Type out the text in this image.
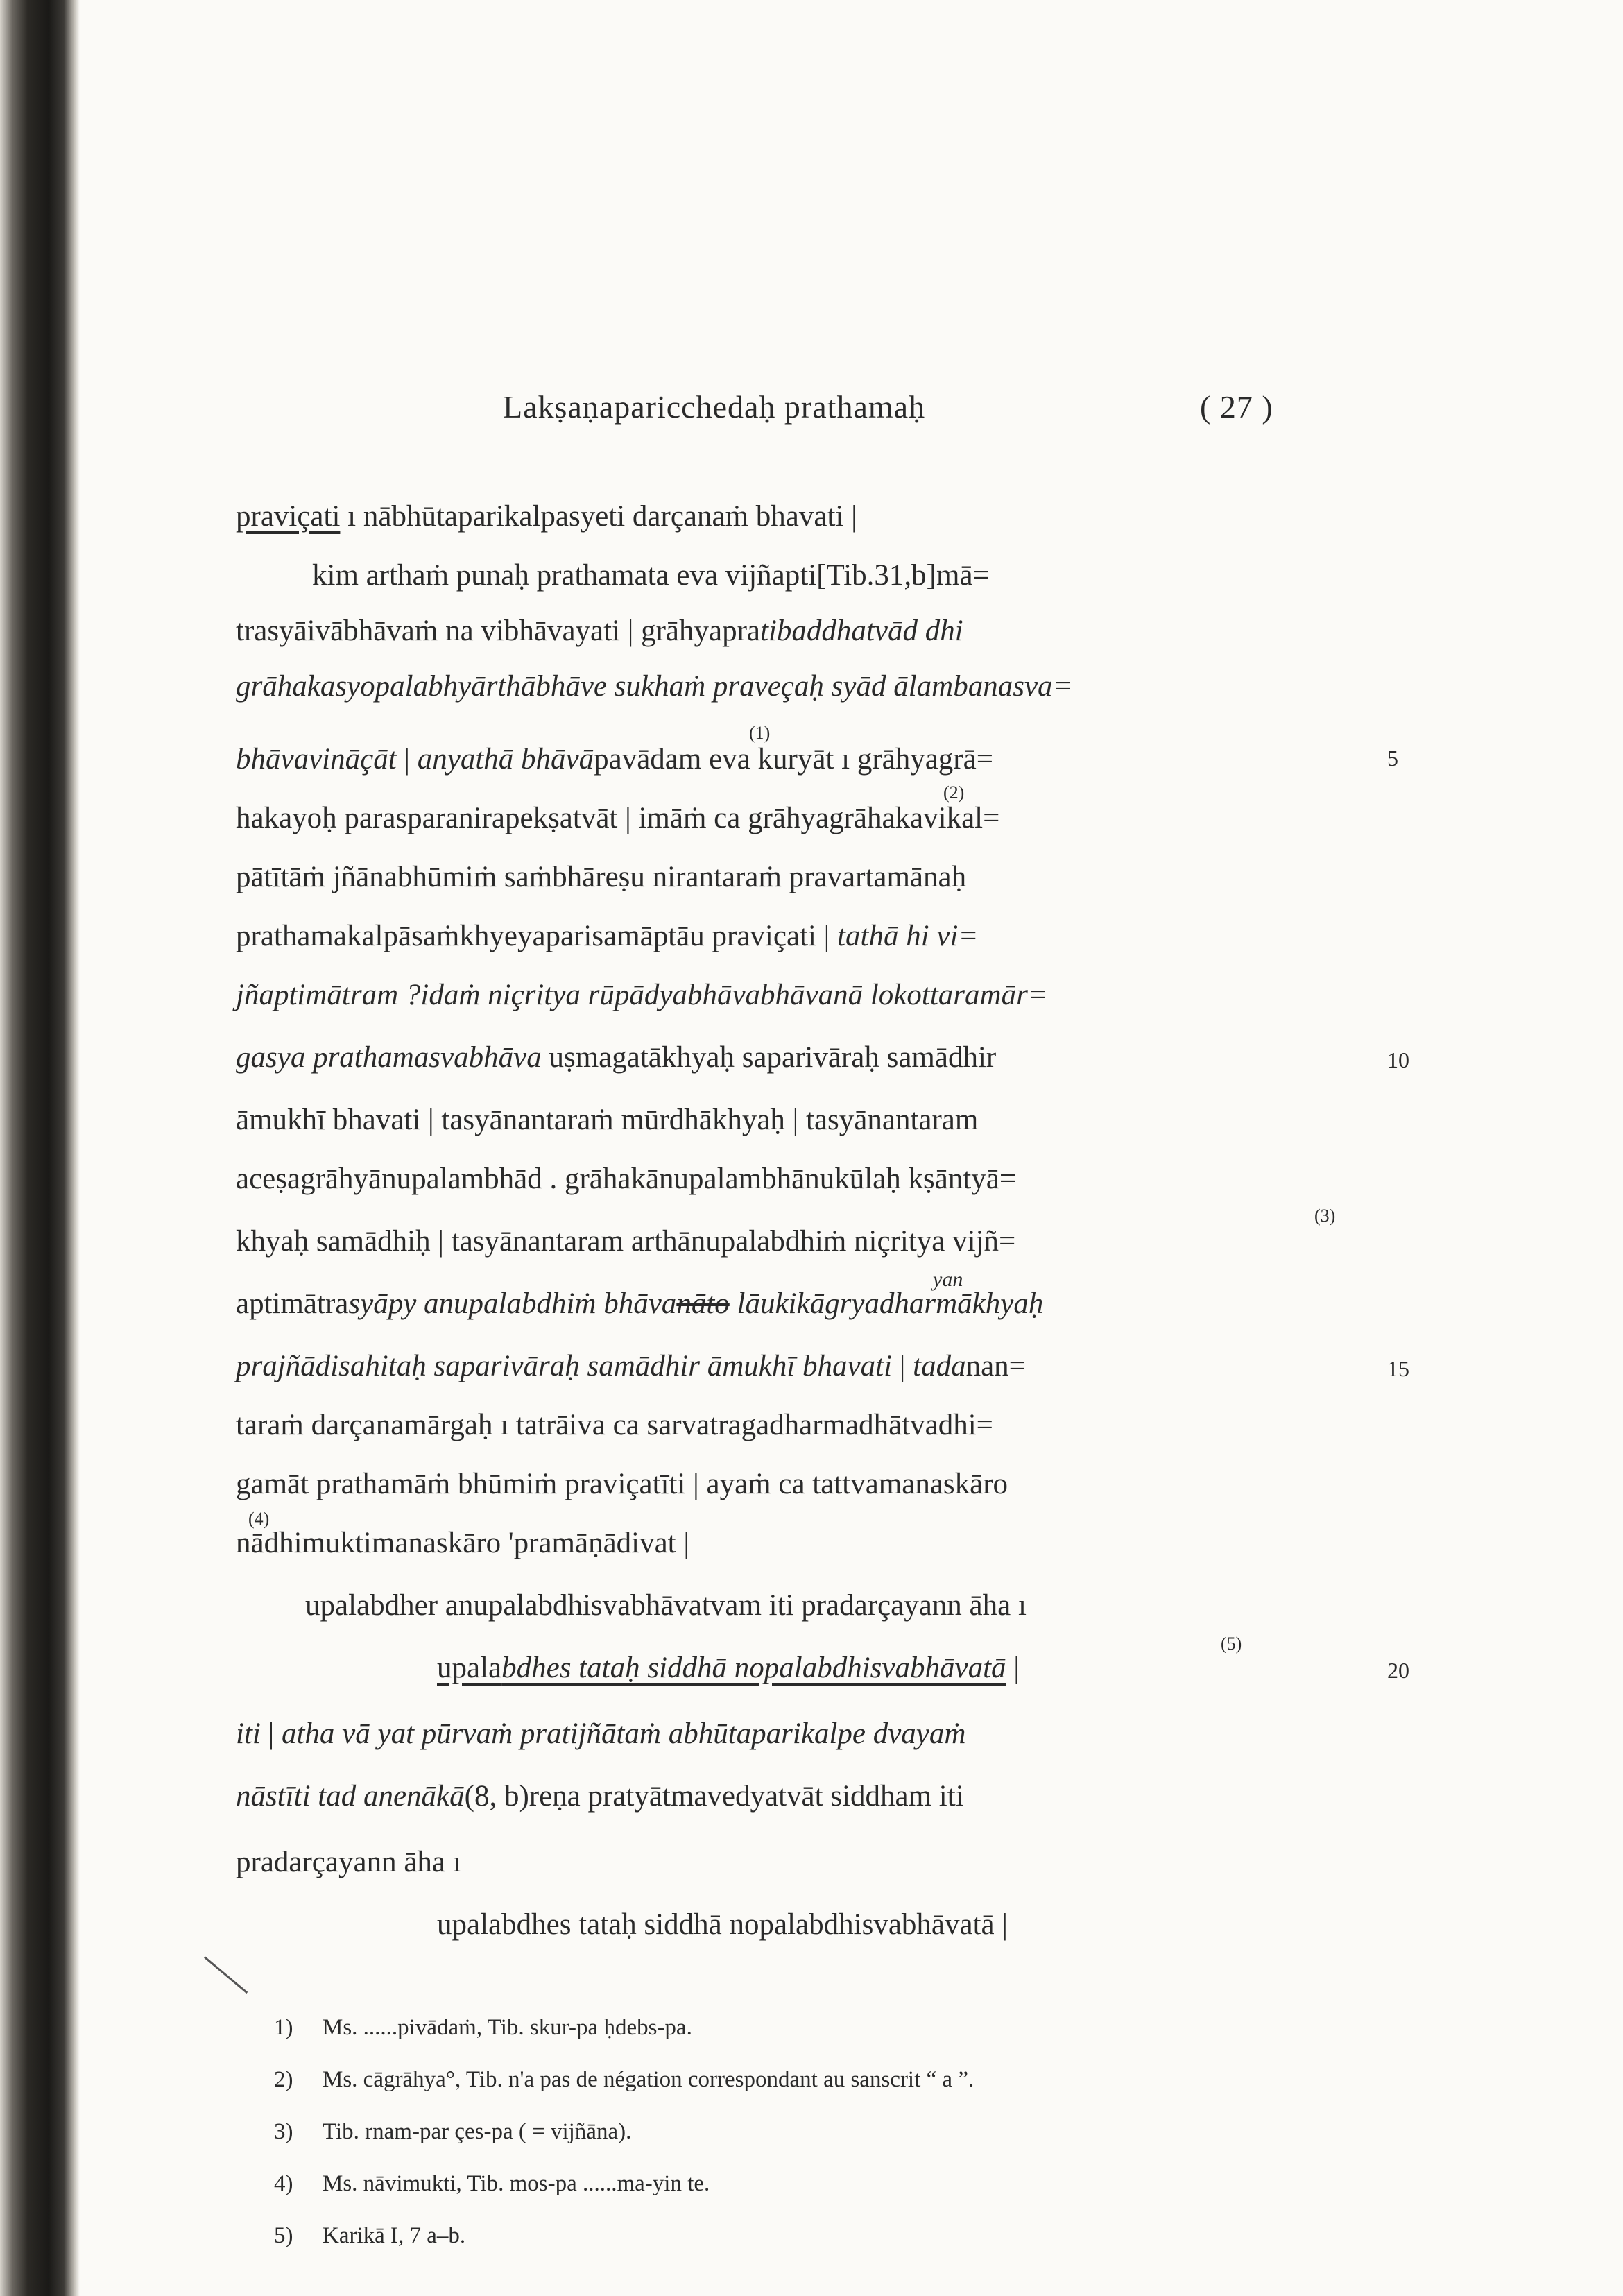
Lakṣaṇaparicchedaḥ prathamaḥ	( 27 )
praviçati ı nābhūtaparikalpasyeti darçanaṁ bhavati |
kim arthaṁ punaḥ prathamata eva vijñapti[Tib.31,b]mā=
trasyāivābhāvaṁ na vibhāvayati | grāhyapratibaddhatvād dhi
grāhakasyopalabhyārthābhāve sukhaṁ praveçaḥ syād ālambanasva=
(1)
bhāvavināçāt | anyathā bhāvāpavādam eva kuryāt ı grāhyagrā=	5
(2)
hakayoḥ parasparanirapekṣatvāt | imāṁ ca grāhyagrāhakavikal=
pātītāṁ jñānabhūmiṁ saṁbhāreṣu nirantaraṁ pravartamānaḥ
prathamakalpāsaṁkhyeyaparisamāptāu praviçati | tathā hi vi=
jñaptimātram ?idaṁ niçritya rūpādyabhāvabhāvanā lokottaramār=
gasya prathamasvabhāva uṣmagatākhyaḥ saparivāraḥ samādhir	10
āmukhī bhavati | tasyānantaraṁ mūrdhākhyaḥ | tasyānantaram
aceṣagrāhyānupalambhād . grāhakānupalambhānukūlaḥ kṣāntyā=
(3)
khyaḥ samādhiḥ | tasyānantaram arthānupalabdhiṁ niçritya vijñ=
yan
aptimātrasyāpy anupalabdhiṁ bhāvanāto lāukikāgryadharmākhyaḥ
prajñādisahitaḥ saparivāraḥ samādhir āmukhī bhavati | tadanan=	15
taraṁ darçanamārgaḥ ı tatrāiva ca sarvatragadharmadhātvadhi=
gamāt prathamāṁ bhūmiṁ praviçatīti | ayaṁ ca tattvamanaskāro
(4)
nādhimuktimanaskāro 'pramāṇādivat |
upalabdher anupalabdhisvabhāvatvam iti pradarçayann āha ı
(5)
upalabdhes tataḥ siddhā nopalabdhisvabhāvatā |	20
iti | atha vā yat pūrvaṁ pratijñātaṁ abhūtaparikalpe dvayaṁ
nāstīti tad anenākā(8, b)reṇa pratyātmavedyatvāt siddham iti
pradarçayann āha ı
upalabdhes tataḥ siddhā nopalabdhisvabhāvatā |
1) Ms. ......pivādaṁ, Tib. skur-pa ḥdebs-pa.
2) Ms. cāgrāhya°, Tib. n'a pas de négation correspondant au sanscrit “ a ”.
3) Tib. rnam-par çes-pa ( = vijñāna).
4) Ms. nāvimukti, Tib. mos-pa ......ma-yin te.
5) Karikā I, 7 a–b.
